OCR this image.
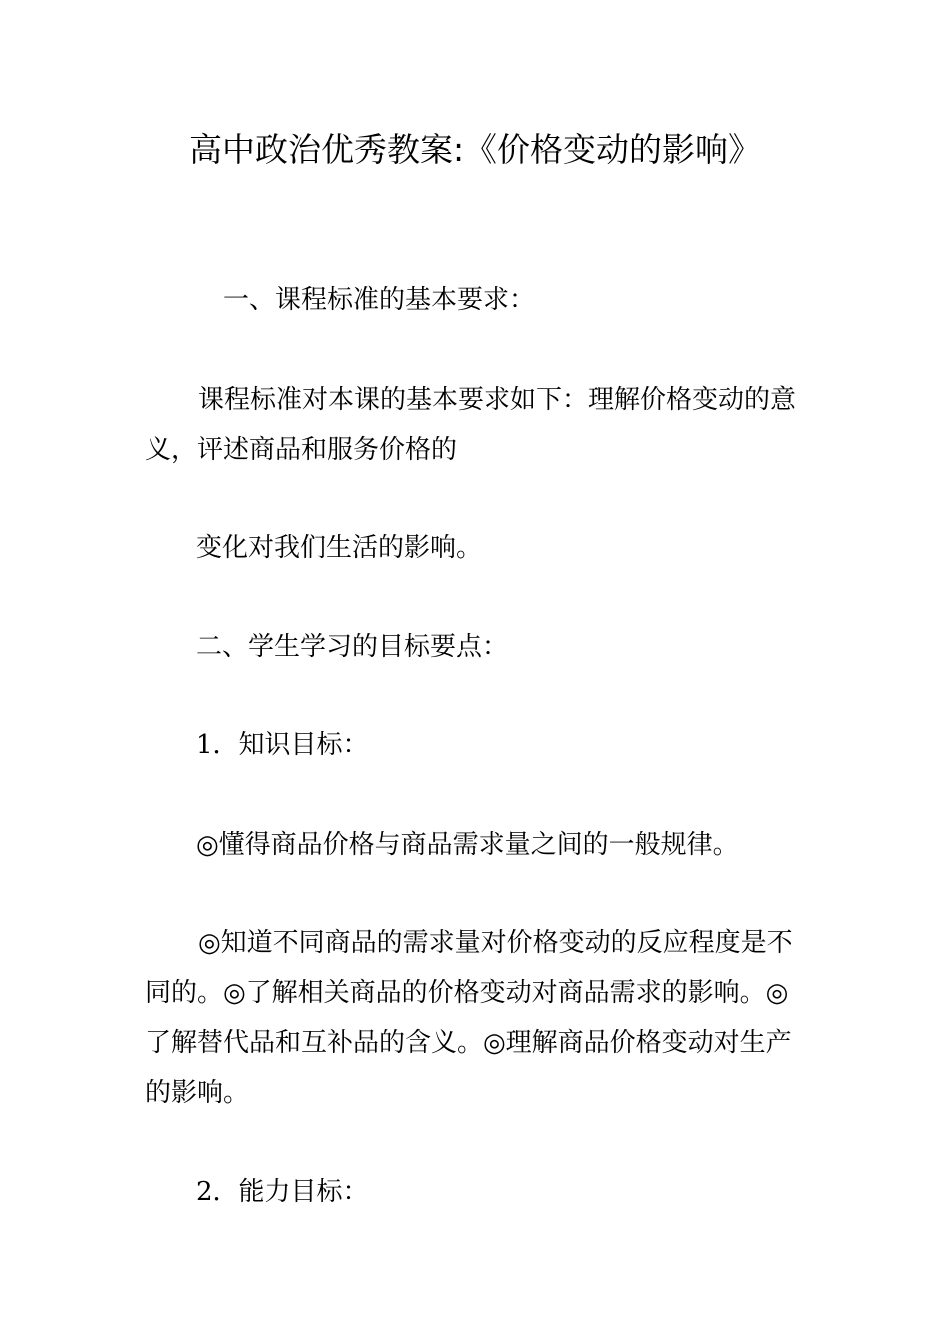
高中政治优秀教案:《价格变动的影响》

一、课程标准的基本要求：

课程标准对本课的基本要求如下：理解价格变动的意
义，评述商品和服务价格的

变化对我们生活的影响。

二、学生学习的目标要点：

1．知识目标：

◎懂得商品价格与商品需求量之间的一般规律。

◎知道不同商品的需求量对价格变动的反应程度是不
同的。◎了解相关商品的价格变动对商品需求的影响。◎
了解替代品和互补品的含义。◎理解商品价格变动对生产
的影响。

2．能力目标：
